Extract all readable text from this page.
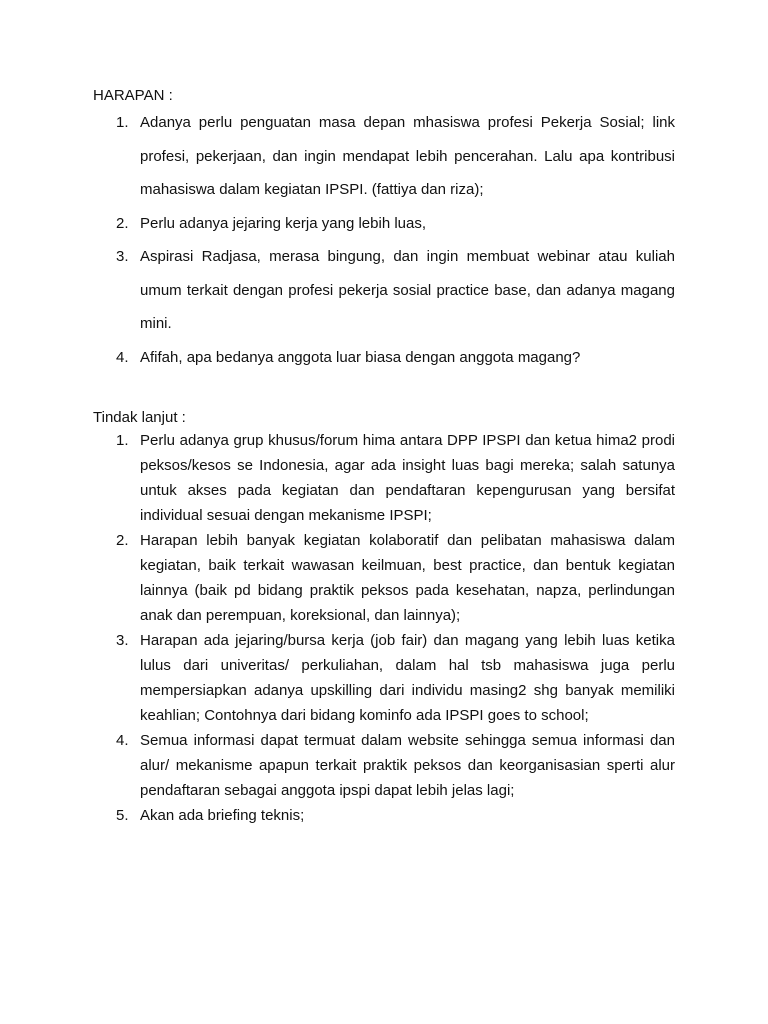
HARAPAN :
1. Adanya perlu penguatan masa depan mhasiswa profesi Pekerja Sosial; link profesi, pekerjaan, dan ingin mendapat lebih pencerahan. Lalu apa kontribusi mahasiswa dalam kegiatan IPSPI. (fattiya dan riza);
2. Perlu adanya jejaring kerja yang lebih luas,
3. Aspirasi Radjasa, merasa bingung, dan ingin membuat webinar atau kuliah umum terkait dengan profesi pekerja sosial practice base, dan adanya magang mini.
4. Afifah, apa bedanya anggota luar biasa dengan anggota magang?
Tindak lanjut :
1. Perlu adanya grup khusus/forum hima antara DPP IPSPI dan ketua hima2 prodi peksos/kesos se Indonesia, agar ada insight luas bagi mereka; salah satunya untuk akses pada kegiatan dan pendaftaran kepengurusan yang bersifat individual sesuai dengan mekanisme IPSPI;
2. Harapan lebih banyak kegiatan kolaboratif dan pelibatan mahasiswa dalam kegiatan, baik terkait wawasan keilmuan, best practice, dan bentuk kegiatan lainnya (baik pd bidang praktik peksos pada kesehatan, napza, perlindungan anak dan perempuan, koreksional, dan lainnya);
3. Harapan ada jejaring/bursa kerja (job fair) dan magang yang lebih luas ketika lulus dari univeritas/ perkuliahan, dalam hal tsb mahasiswa juga perlu mempersiapkan adanya upskilling dari individu masing2 shg banyak memiliki keahlian; Contohnya dari bidang kominfo ada IPSPI goes to school;
4. Semua informasi dapat termuat dalam website sehingga semua informasi dan alur/ mekanisme apapun terkait praktik peksos dan keorganisasian sperti alur pendaftaran sebagai anggota ipspi dapat lebih jelas lagi;
5. Akan ada briefing teknis;
